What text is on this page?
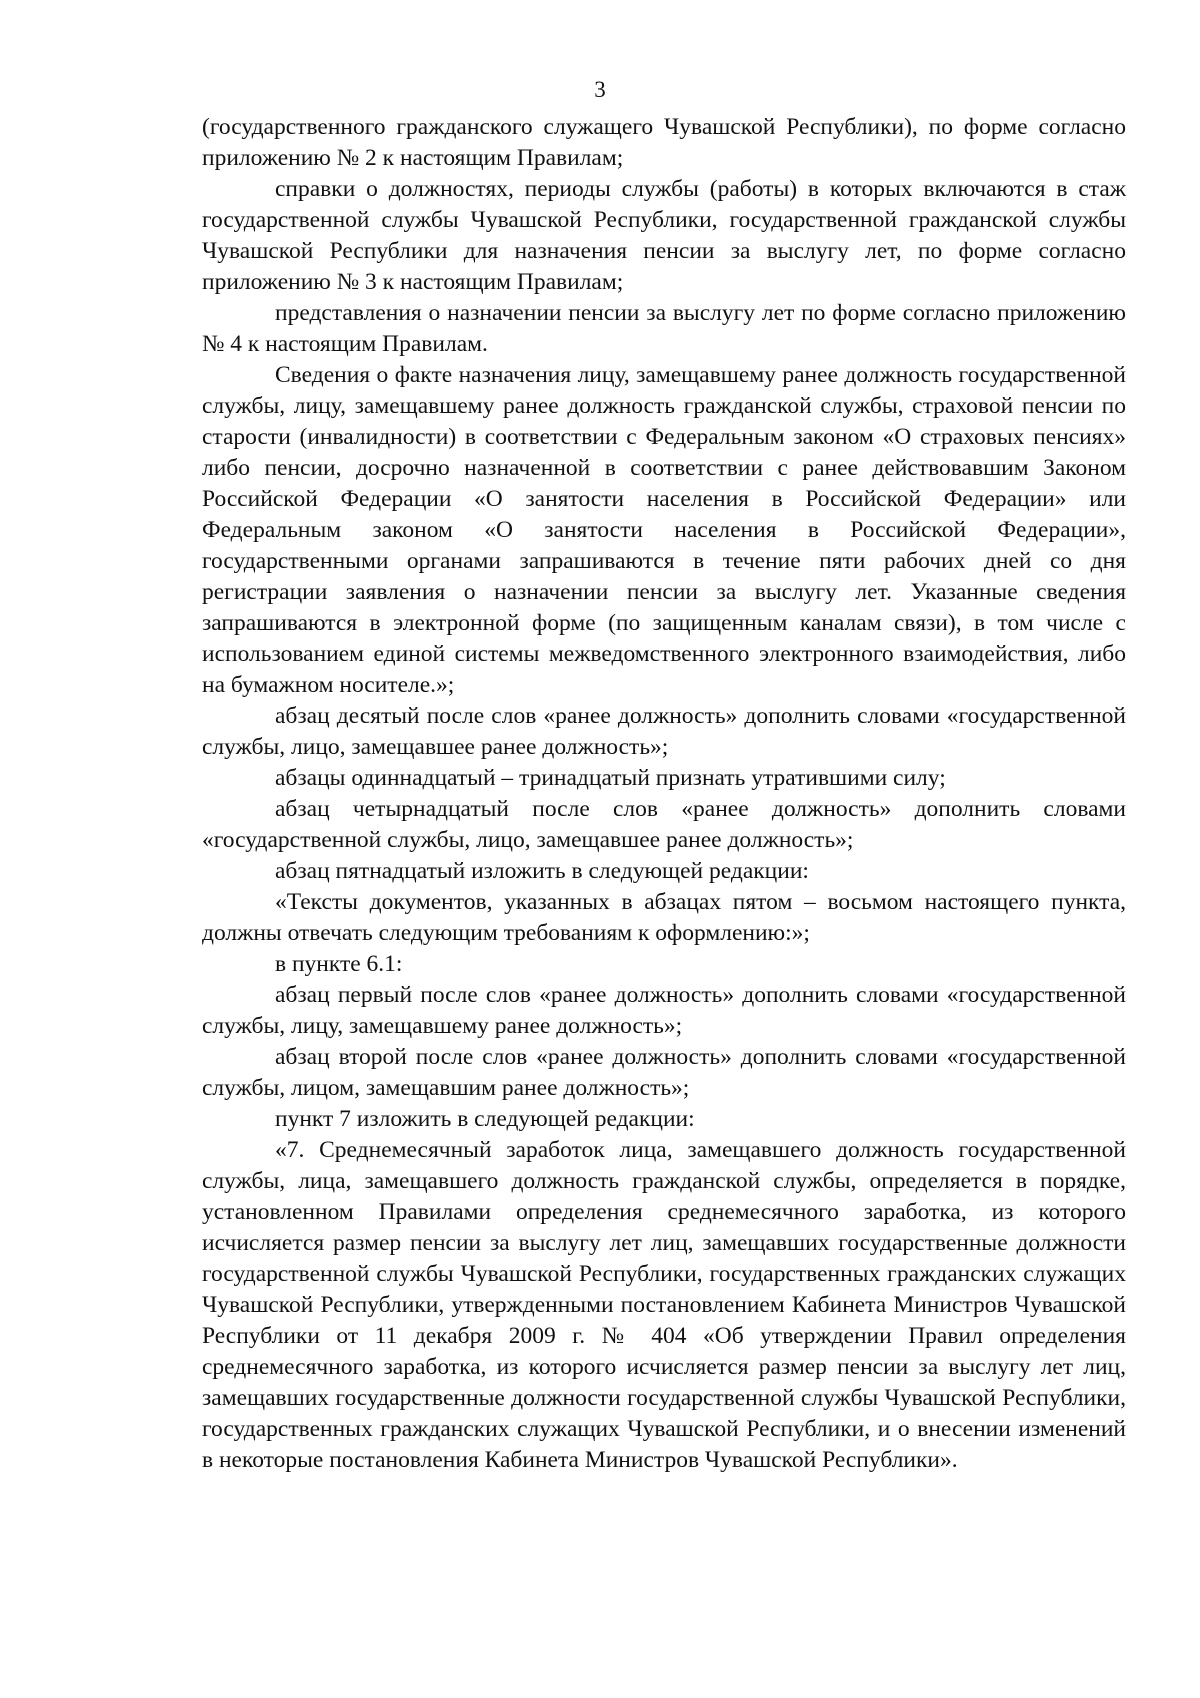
3

(государственного гражданского служащего Чувашской Республики), по форме согласно приложению № 2 к настоящим Правилам;

справки о должностях, периоды службы (работы) в которых включаются в стаж государственной службы Чувашской Республики, государственной гражданской службы Чувашской Республики для назначения пенсии за выслугу лет, по форме согласно приложению № 3 к настоящим Правилам;

представления о назначении пенсии за выслугу лет по форме согласно приложению № 4 к настоящим Правилам.

Сведения о факте назначения лицу, замещавшему ранее должность государственной службы, лицу, замещавшему ранее должность гражданской службы, страховой пенсии по старости (инвалидности) в соответствии с Федеральным законом «О страховых пенсиях» либо пенсии, досрочно назначенной в соответствии с ранее действовавшим Законом Российской Федерации «О занятости населения в Российской Федерации» или Федеральным законом «О занятости населения в Российской Федерации», государственными органами запрашиваются в течение пяти рабочих дней со дня регистрации заявления о назначении пенсии за выслугу лет. Указанные сведения запрашиваются в электронной форме (по защищенным каналам связи), в том числе с использованием единой системы межведомственного электронного взаимодействия, либо на бумажном носителе.»;

абзац десятый после слов «ранее должность» дополнить словами «государственной службы, лицо, замещавшее ранее должность»;

абзацы одиннадцатый – тринадцатый признать утратившими силу;

абзац четырнадцатый после слов «ранее должность» дополнить словами «государственной службы, лицо, замещавшее ранее должность»;

абзац пятнадцатый изложить в следующей редакции:

«Тексты документов, указанных в абзацах пятом – восьмом настоящего пункта, должны отвечать следующим требованиям к оформлению:»;

в пункте 6.1:

абзац первый после слов «ранее должность» дополнить словами «государственной службы, лицу, замещавшему ранее должность»;

абзац второй после слов «ранее должность» дополнить словами «государственной службы, лицом, замещавшим ранее должность»;

пункт 7 изложить в следующей редакции:

«7. Среднемесячный заработок лица, замещавшего должность государственной службы, лица, замещавшего должность гражданской службы, определяется в порядке, установленном Правилами определения среднемесячного заработка, из которого исчисляется размер пенсии за выслугу лет лиц, замещавших государственные должности государственной службы Чувашской Республики, государственных гражданских служащих Чувашской Республики, утвержденными постановлением Кабинета Министров Чувашской Республики от 11 декабря 2009 г. № 404 «Об утверждении Правил определения среднемесячного заработка, из которого исчисляется размер пенсии за выслугу лет лиц, замещавших государственные должности государственной службы Чувашской Республики, государственных гражданских служащих Чувашской Республики, и о внесении изменений в некоторые постановления Кабинета Министров Чувашской Республики».
